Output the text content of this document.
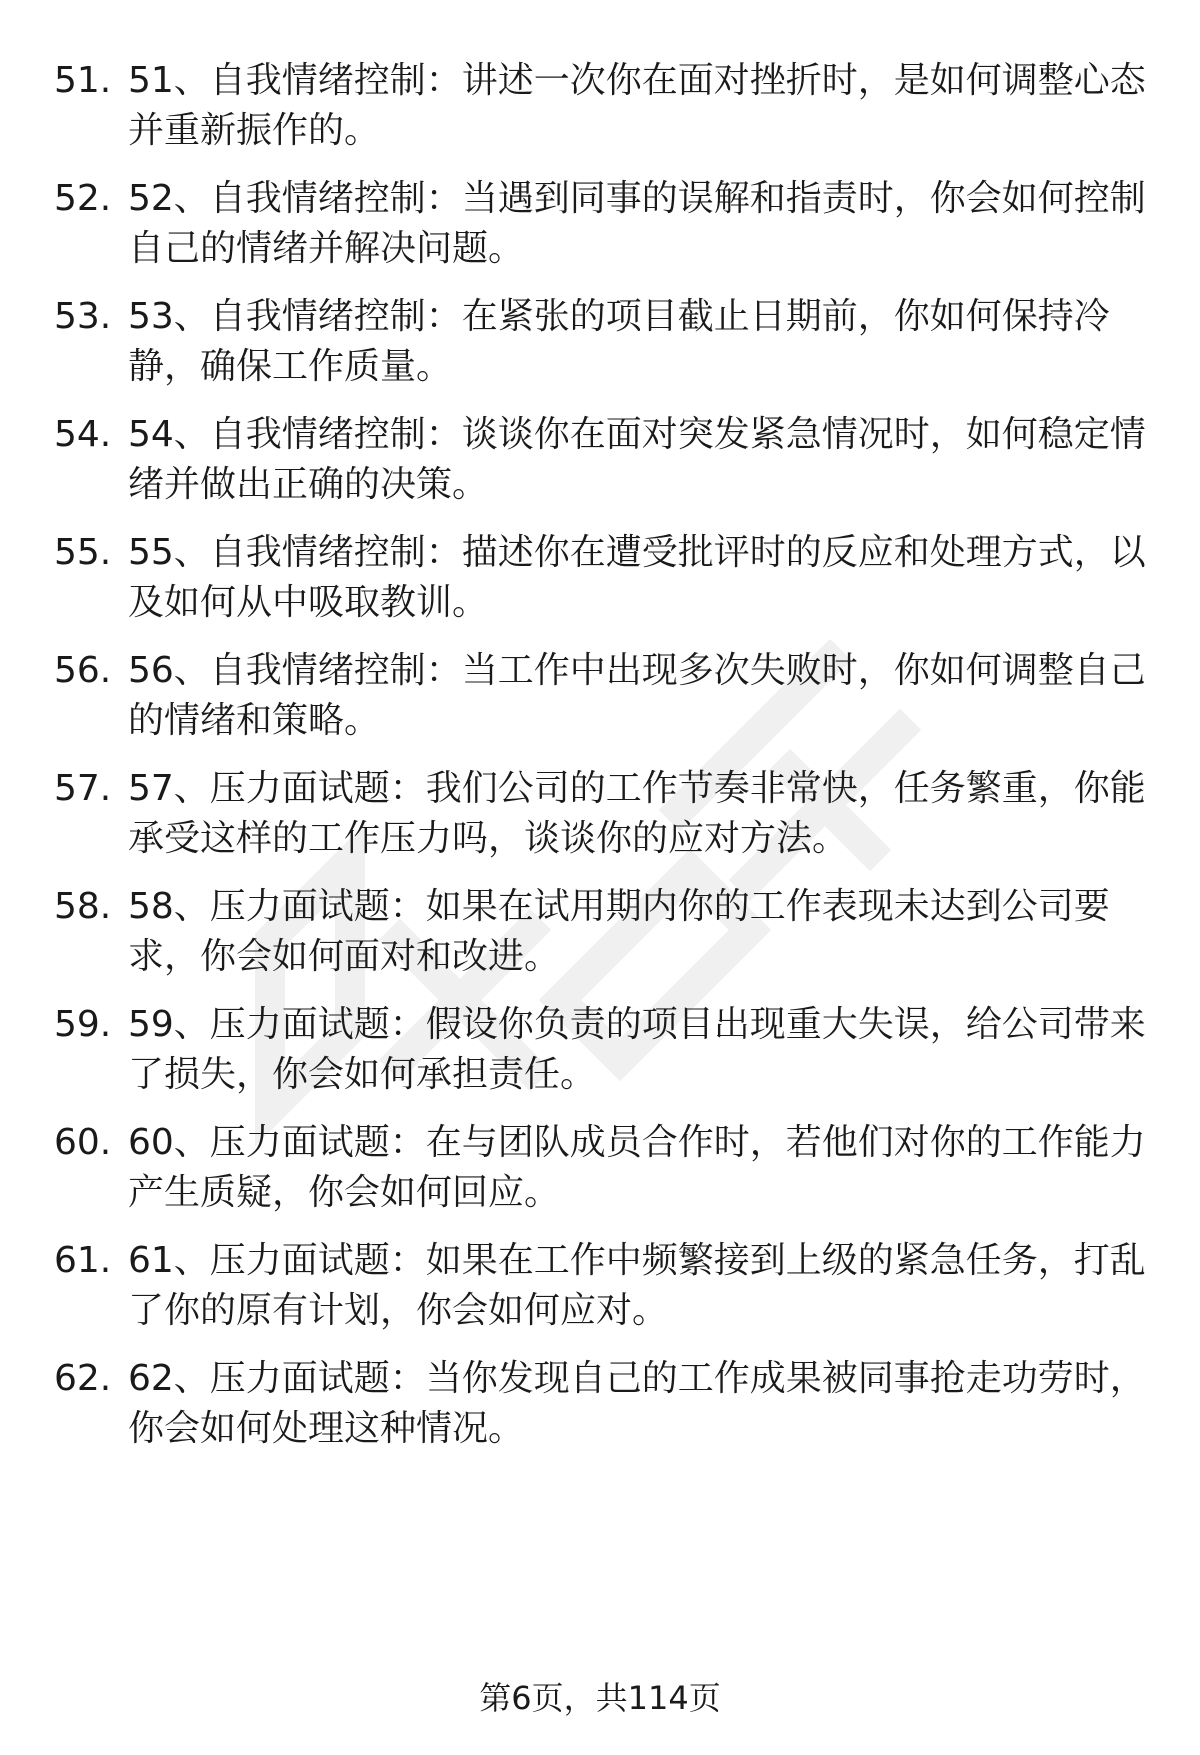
51. 51、自我情绪控制：讲述一次你在面对挫折时，是如何调整心态
并重新振作的。
52. 52、自我情绪控制：当遇到同事的误解和指责时，你会如何控制
自己的情绪并解决问题。
53. 53、自我情绪控制：在紧张的项目截止日期前，你如何保持冷
静，确保工作质量。
54. 54、自我情绪控制：谈谈你在面对突发紧急情况时，如何稳定情
绪并做出正确的决策。
55. 55、自我情绪控制：描述你在遭受批评时的反应和处理方式，以
及如何从中吸取教训。
56. 56、自我情绪控制：当工作中出现多次失败时，你如何调整自己
的情绪和策略。
57. 57、压力面试题：我们公司的工作节奏非常快，任务繁重，你能
承受这样的工作压力吗，谈谈你的应对方法。
58. 58、压力面试题：如果在试用期内你的工作表现未达到公司要
求，你会如何面对和改进。
59. 59、压力面试题：假设你负责的项目出现重大失误，给公司带来
了损失，你会如何承担责任。
60. 60、压力面试题：在与团队成员合作时，若他们对你的工作能力
产生质疑，你会如何回应。
61. 61、压力面试题：如果在工作中频繁接到上级的紧急任务，打乱
了你的原有计划，你会如何应对。
62. 62、压力面试题：当你发现自己的工作成果被同事抢走功劳时，
你会如何处理这种情况。
第6页，共114页
